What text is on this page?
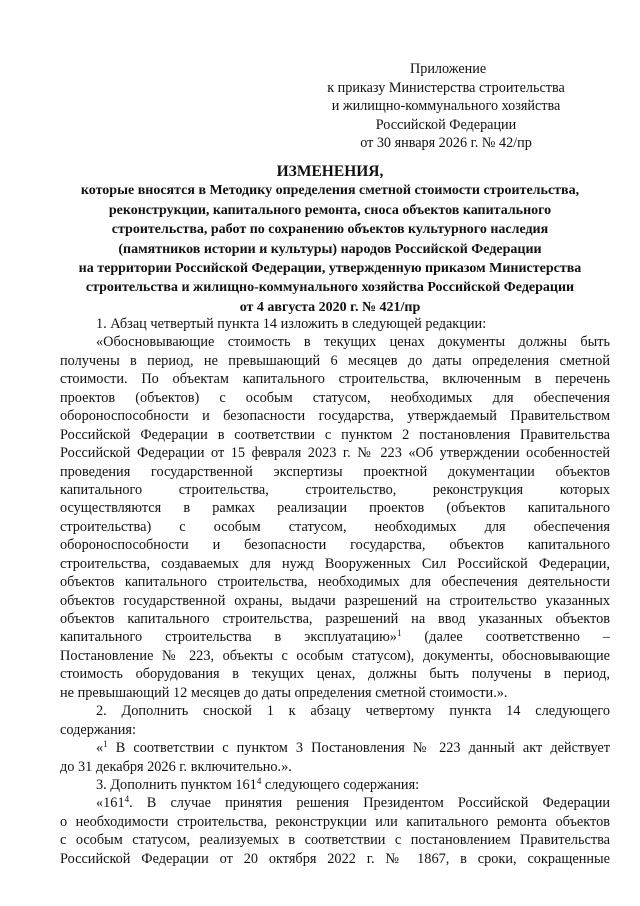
Приложение
к приказу Министерства строительства
и жилищно-коммунального хозяйства
Российской Федерации
от 30 января 2026 г. № 42/пр
ИЗМЕНЕНИЯ,
которые вносятся в Методику определения сметной стоимости строительства,
реконструкции, капитального ремонта, сноса объектов капитального
строительства, работ по сохранению объектов культурного наследия
(памятников истории и культуры) народов Российской Федерации
на территории Российской Федерации, утвержденную приказом Министерства
строительства и жилищно-коммунального хозяйства Российской Федерации
от 4 августа 2020 г. № 421/пр
1. Абзац четвертый пункта 14 изложить в следующей редакции:
«Обосновывающие стоимость в текущих ценах документы должны быть
получены в период, не превышающий 6 месяцев до даты определения сметной
стоимости. По объектам капитального строительства, включенным в перечень
проектов (объектов) с особым статусом, необходимых для обеспечения
обороноспособности и безопасности государства, утверждаемый Правительством
Российской Федерации в соответствии с пунктом 2 постановления Правительства
Российской Федерации от 15 февраля 2023 г. № 223 «Об утверждении особенностей
проведения государственной экспертизы проектной документации объектов
капитального строительства, строительство, реконструкция которых
осуществляются в рамках реализации проектов (объектов капитального
строительства) с особым статусом, необходимых для обеспечения
обороноспособности и безопасности государства, объектов капитального
строительства, создаваемых для нужд Вооруженных Сил Российской Федерации,
объектов капитального строительства, необходимых для обеспечения деятельности
объектов государственной охраны, выдачи разрешений на строительство указанных
объектов капитального строительства, разрешений на ввод указанных объектов
капитального строительства в эксплуатацию»$^1$ (далее соответственно –
Постановление № 223, объекты с особым статусом), документы, обосновывающие
стоимость оборудования в текущих ценах, должны быть получены в период,
не превышающий 12 месяцев до даты определения сметной стоимости.».
2. Дополнить сноской 1 к абзацу четвертому пункта 14 следующего
содержания:
«$^1$ В соответствии с пунктом 3 Постановления № 223 данный акт действует
до 31 декабря 2026 г. включительно.».
3. Дополнить пунктом $161^4$ следующего содержания:
«$161^4$. В случае принятия решения Президентом Российской Федерации
о необходимости строительства, реконструкции или капитального ремонта объектов
с особым статусом, реализуемых в соответствии с постановлением Правительства
Российской Федерации от 20 октября 2022 г. № 1867, в сроки, сокращенные
